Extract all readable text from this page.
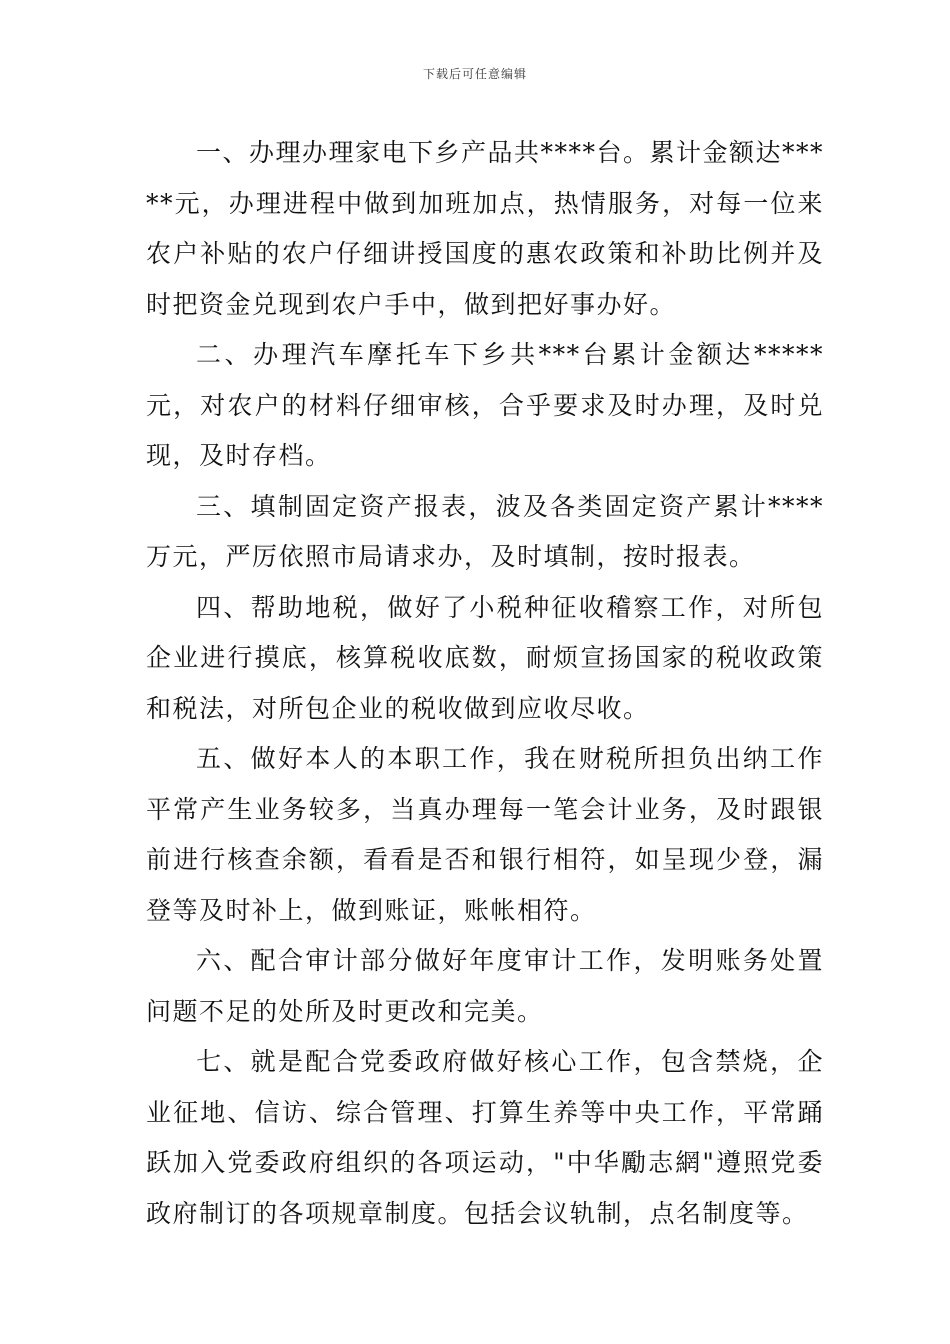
下载后可任意编辑

一、办理办理家电下乡产品共****台。累计金额达*****元，办理进程中做到加班加点，热情服务，对每一位来农户补贴的农户仔细讲授国度的惠农政策和补助比例并及时把资金兑现到农户手中，做到把好事办好。

二、办理汽车摩托车下乡共***台累计金额达*****元，对农户的材料仔细审核，合乎要求及时办理，及时兑现，及时存档。

三、填制固定资产报表，波及各类固定资产累计****万元，严厉依照市局请求办，及时填制，按时报表。

四、帮助地税，做好了小税种征收稽察工作，对所包企业进行摸底，核算税收底数，耐烦宣扬国家的税收政策和税法，对所包企业的税收做到应收尽收。

五、做好本人的本职工作，我在财税所担负出纳工作平常产生业务较多，当真办理每一笔会计业务，及时跟银前进行核查余额，看看是否和银行相符，如呈现少登，漏登等及时补上，做到账证，账帐相符。

六、配合审计部分做好年度审计工作，发明账务处置问题不足的处所及时更改和完美。

七、就是配合党委政府做好核心工作，包含禁烧，企业征地、信访、综合管理、打算生养等中央工作，平常踊跃加入党委政府组织的各项运动，"中华勵志網"遵照党委政府制订的各项规章制度。包括会议轨制，点名制度等。
